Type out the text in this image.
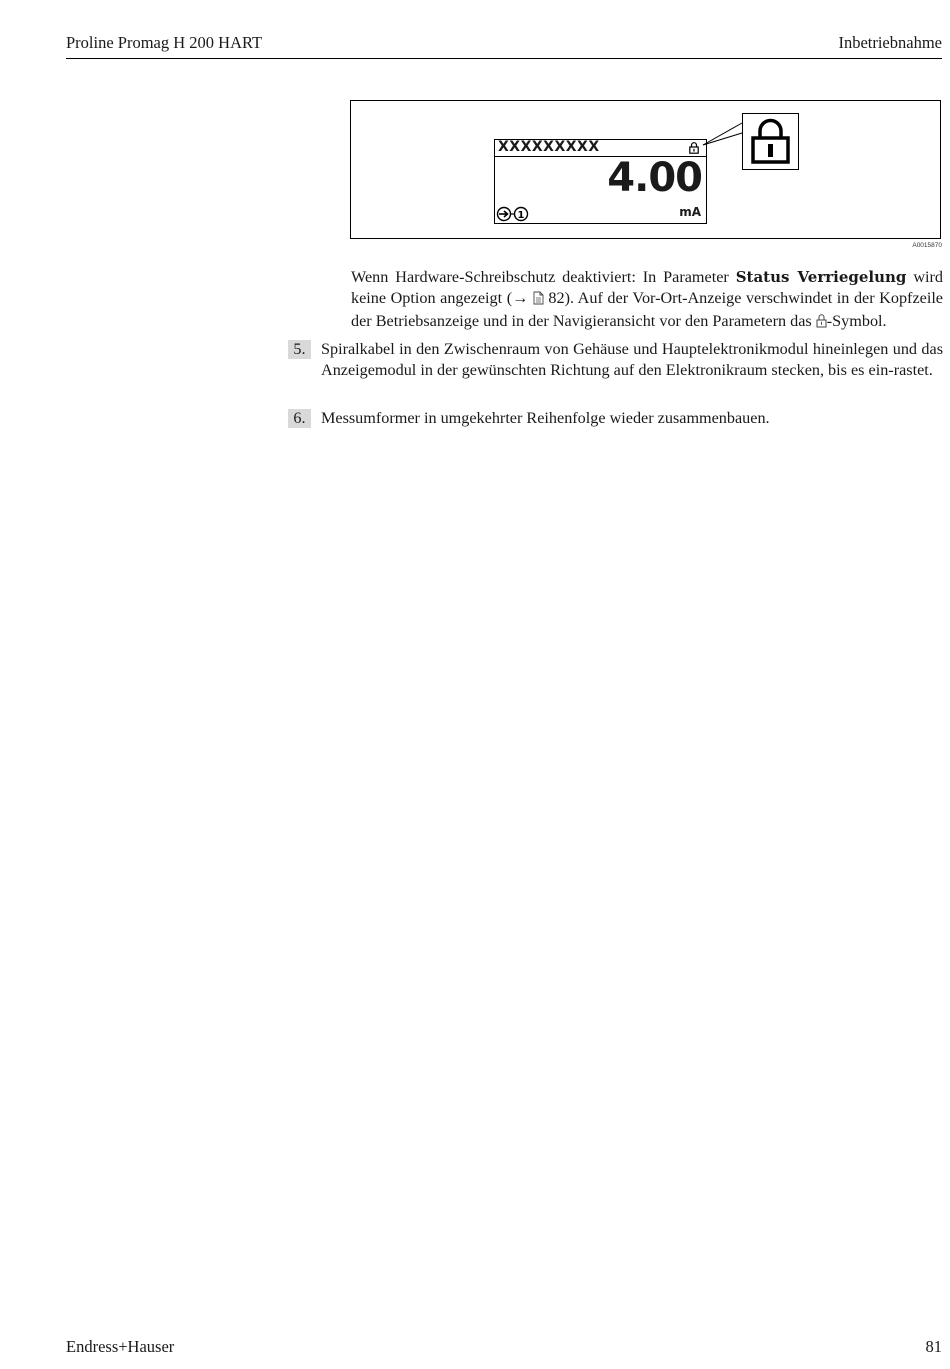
Proline Promag H 200 HART	Inbetriebnahme
XXXXXXXXX
4.00
1	mA
A0015870
Wenn Hardware-Schreibschutz deaktiviert: In Parameter Status Verriegelung wird keine Option angezeigt (→  82). Auf der Vor-Ort-Anzeige verschwindet in der Kopfzeile der Betriebsanzeige und in der Navigieransicht vor den Parametern das -Symbol.
5. Spiralkabel in den Zwischenraum von Gehäuse und Hauptelektronikmodul hineinlegen und das Anzeigemodul in der gewünschten Richtung auf den Elektronikraum stecken, bis es ein-rastet.
6. Messumformer in umgekehrter Reihenfolge wieder zusammenbauen.
Endress+Hauser	81
